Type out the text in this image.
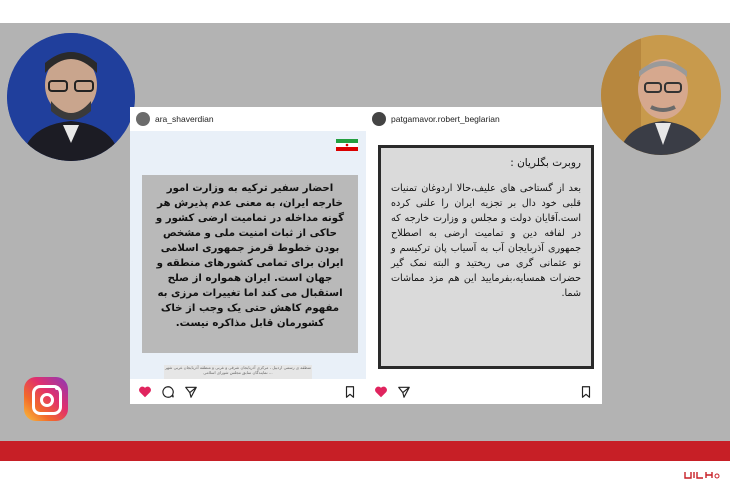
ara_shaverdian
احضار سفیر ترکیه به وزارت امور خارجه ایران، به معنی عدم پذیرش هر گونه مداخله در تمامیت ارضی کشور و حاکی از ثبات امنیت ملی و مشخص بودن خطوط قرمز جمهوری اسلامی ایران برای تمامی کشورهای منطقه و جهان است. ایران همواره از صلح استقبال می کند اما تغییرات مرزی به مفهوم کاهش حتی یک وجب از خاک کشورمان قابل مذاکره نیست.
منطقه ی رسمی اردبیل ، مرکزی آذربایجان شرقی و غربی و منطقه آذربایجان غربی شهر ... نمایندگان سابق مجلس شورای اسلامی
patgamavor.robert_beglarian
روبرت بگلریان :
بعد از گستاخی های علیف،حالا اردوغان تمنیات قلبی خود دال بر تجزیه ایران را علنی کرده است.آقایان دولت و مجلس و وزارت خارجه که در لفافه دین و تمامیت ارضی به اصطلاح جمهوری آذربایجان آب به آسیاب پان ترکیسم و نو عثمانی گری می ریختید و البته نمک گیر حضرات همسایه،بفرمایید این هم مزد مماشات شما.
